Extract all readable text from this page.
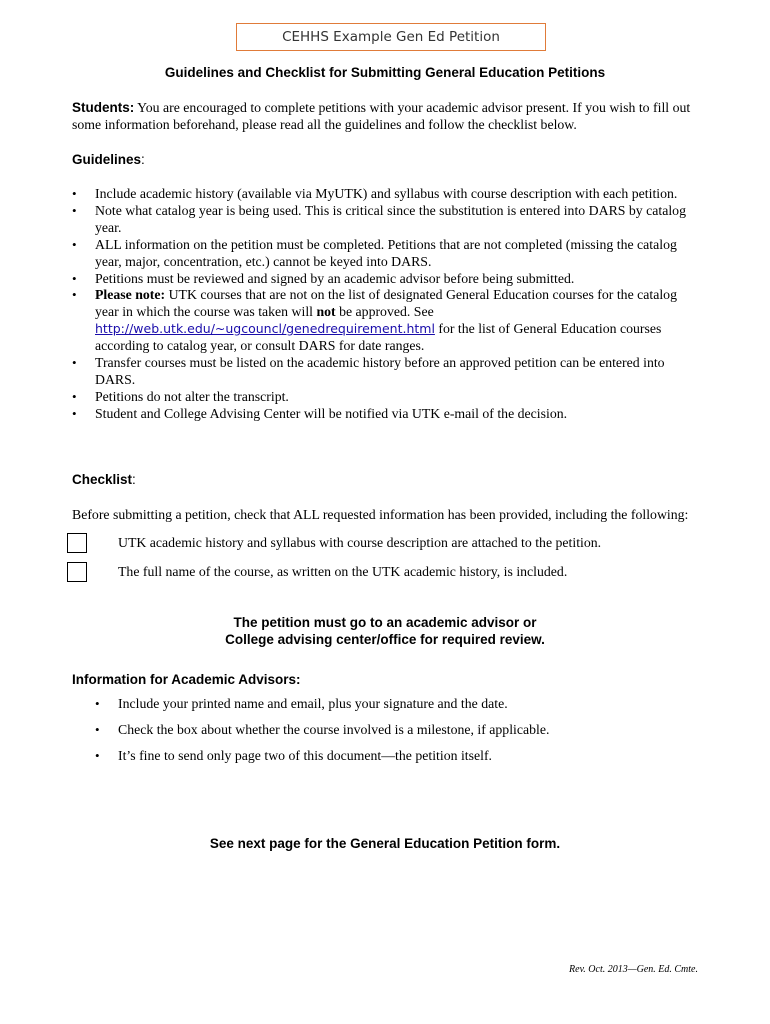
CEHHS Example Gen Ed Petition
Guidelines and Checklist for Submitting General Education Petitions
Students: You are encouraged to complete petitions with your academic advisor present. If you wish to fill out some information beforehand, please read all the guidelines and follow the checklist below.
Guidelines:
• Include academic history (available via MyUTK) and syllabus with course description with each petition.
• Note what catalog year is being used. This is critical since the substitution is entered into DARS by catalog year.
• ALL information on the petition must be completed. Petitions that are not completed (missing the catalog year, major, concentration, etc.) cannot be keyed into DARS.
• Petitions must be reviewed and signed by an academic advisor before being submitted.
• Please note: UTK courses that are not on the list of designated General Education courses for the catalog year in which the course was taken will not be approved. See http://web.utk.edu/~ugcouncl/genedrequirement.html for the list of General Education courses according to catalog year, or consult DARS for date ranges.
• Transfer courses must be listed on the academic history before an approved petition can be entered into DARS.
• Petitions do not alter the transcript.
• Student and College Advising Center will be notified via UTK e-mail of the decision.
Checklist:
Before submitting a petition, check that ALL requested information has been provided, including the following:
UTK academic history and syllabus with course description are attached to the petition.
The full name of the course, as written on the UTK academic history, is included.
The petition must go to an academic advisor or
College advising center/office for required review.
Information for Academic Advisors:
• Include your printed name and email, plus your signature and the date.
• Check the box about whether the course involved is a milestone, if applicable.
• It’s fine to send only page two of this document—the petition itself.
See next page for the General Education Petition form.
Rev. Oct. 2013—Gen. Ed. Cmte.
